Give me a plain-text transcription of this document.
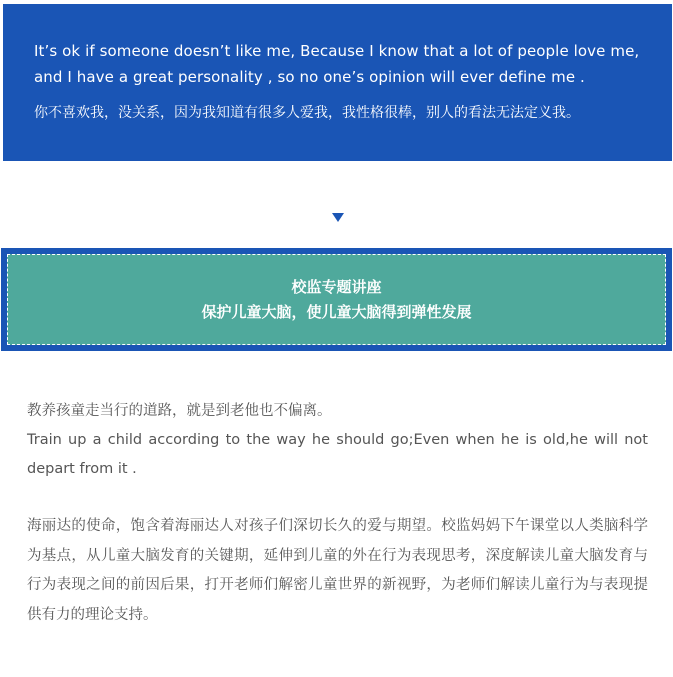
It’s ok if someone doesn’t like me, Because I know that a lot of people love me, and I have a great personality , so no one’s opinion will ever define me .

你不喜欢我，没关系，因为我知道有很多人爱我，我性格很棒，别人的看法无法定义我。

校监专题讲座
保护儿童大脑，使儿童大脑得到弹性发展
教养孩童走当行的道路，就是到老他也不偏离。
Train up a child according to the way he should go;Even when he is old,he will not depart from it .

海丽达的使命，饱含着海丽达人对孩子们深切长久的爱与期望。校监妈妈下午课堂以人类脑科学为基点，从儿童大脑发育的关键期，延伸到儿童的外在行为表现思考，深度解读儿童大脑发育与行为表现之间的前因后果，打开老师们解密儿童世界的新视野，为老师们解读儿童行为与表现提供有力的理论支持。
